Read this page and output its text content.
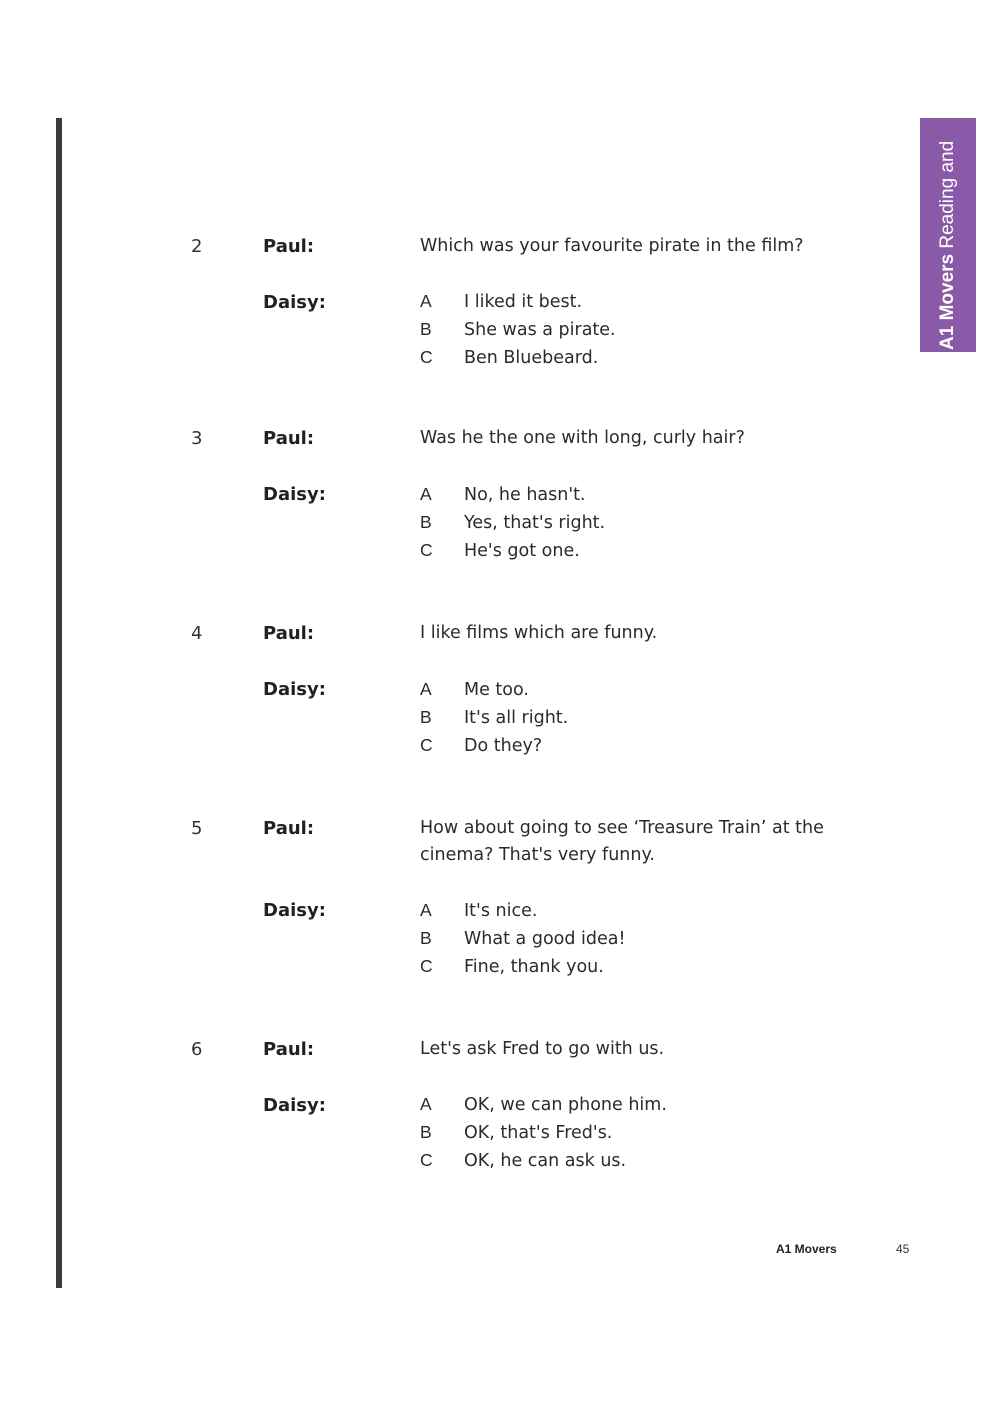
A1 Movers Reading and
2	Paul:	Which was your favourite pirate in the film?
Daisy:	A I liked it best.
B She was a pirate.
C Ben Bluebeard.
3	Paul:	Was he the one with long, curly hair?
Daisy:	A No, he hasn't.
B Yes, that's right.
C He's got one.
4	Paul:	I like films which are funny.
Daisy:	A Me too.
B It's all right.
C Do they?
5	Paul:	How about going to see ‘Treasure Train’ at the cinema? That's very funny.
Daisy:	A It's nice.
B What a good idea!
C Fine, thank you.
6	Paul:	Let's ask Fred to go with us.
Daisy:	A OK, we can phone him.
B OK, that's Fred's.
C OK, he can ask us.
A1 Movers	45
